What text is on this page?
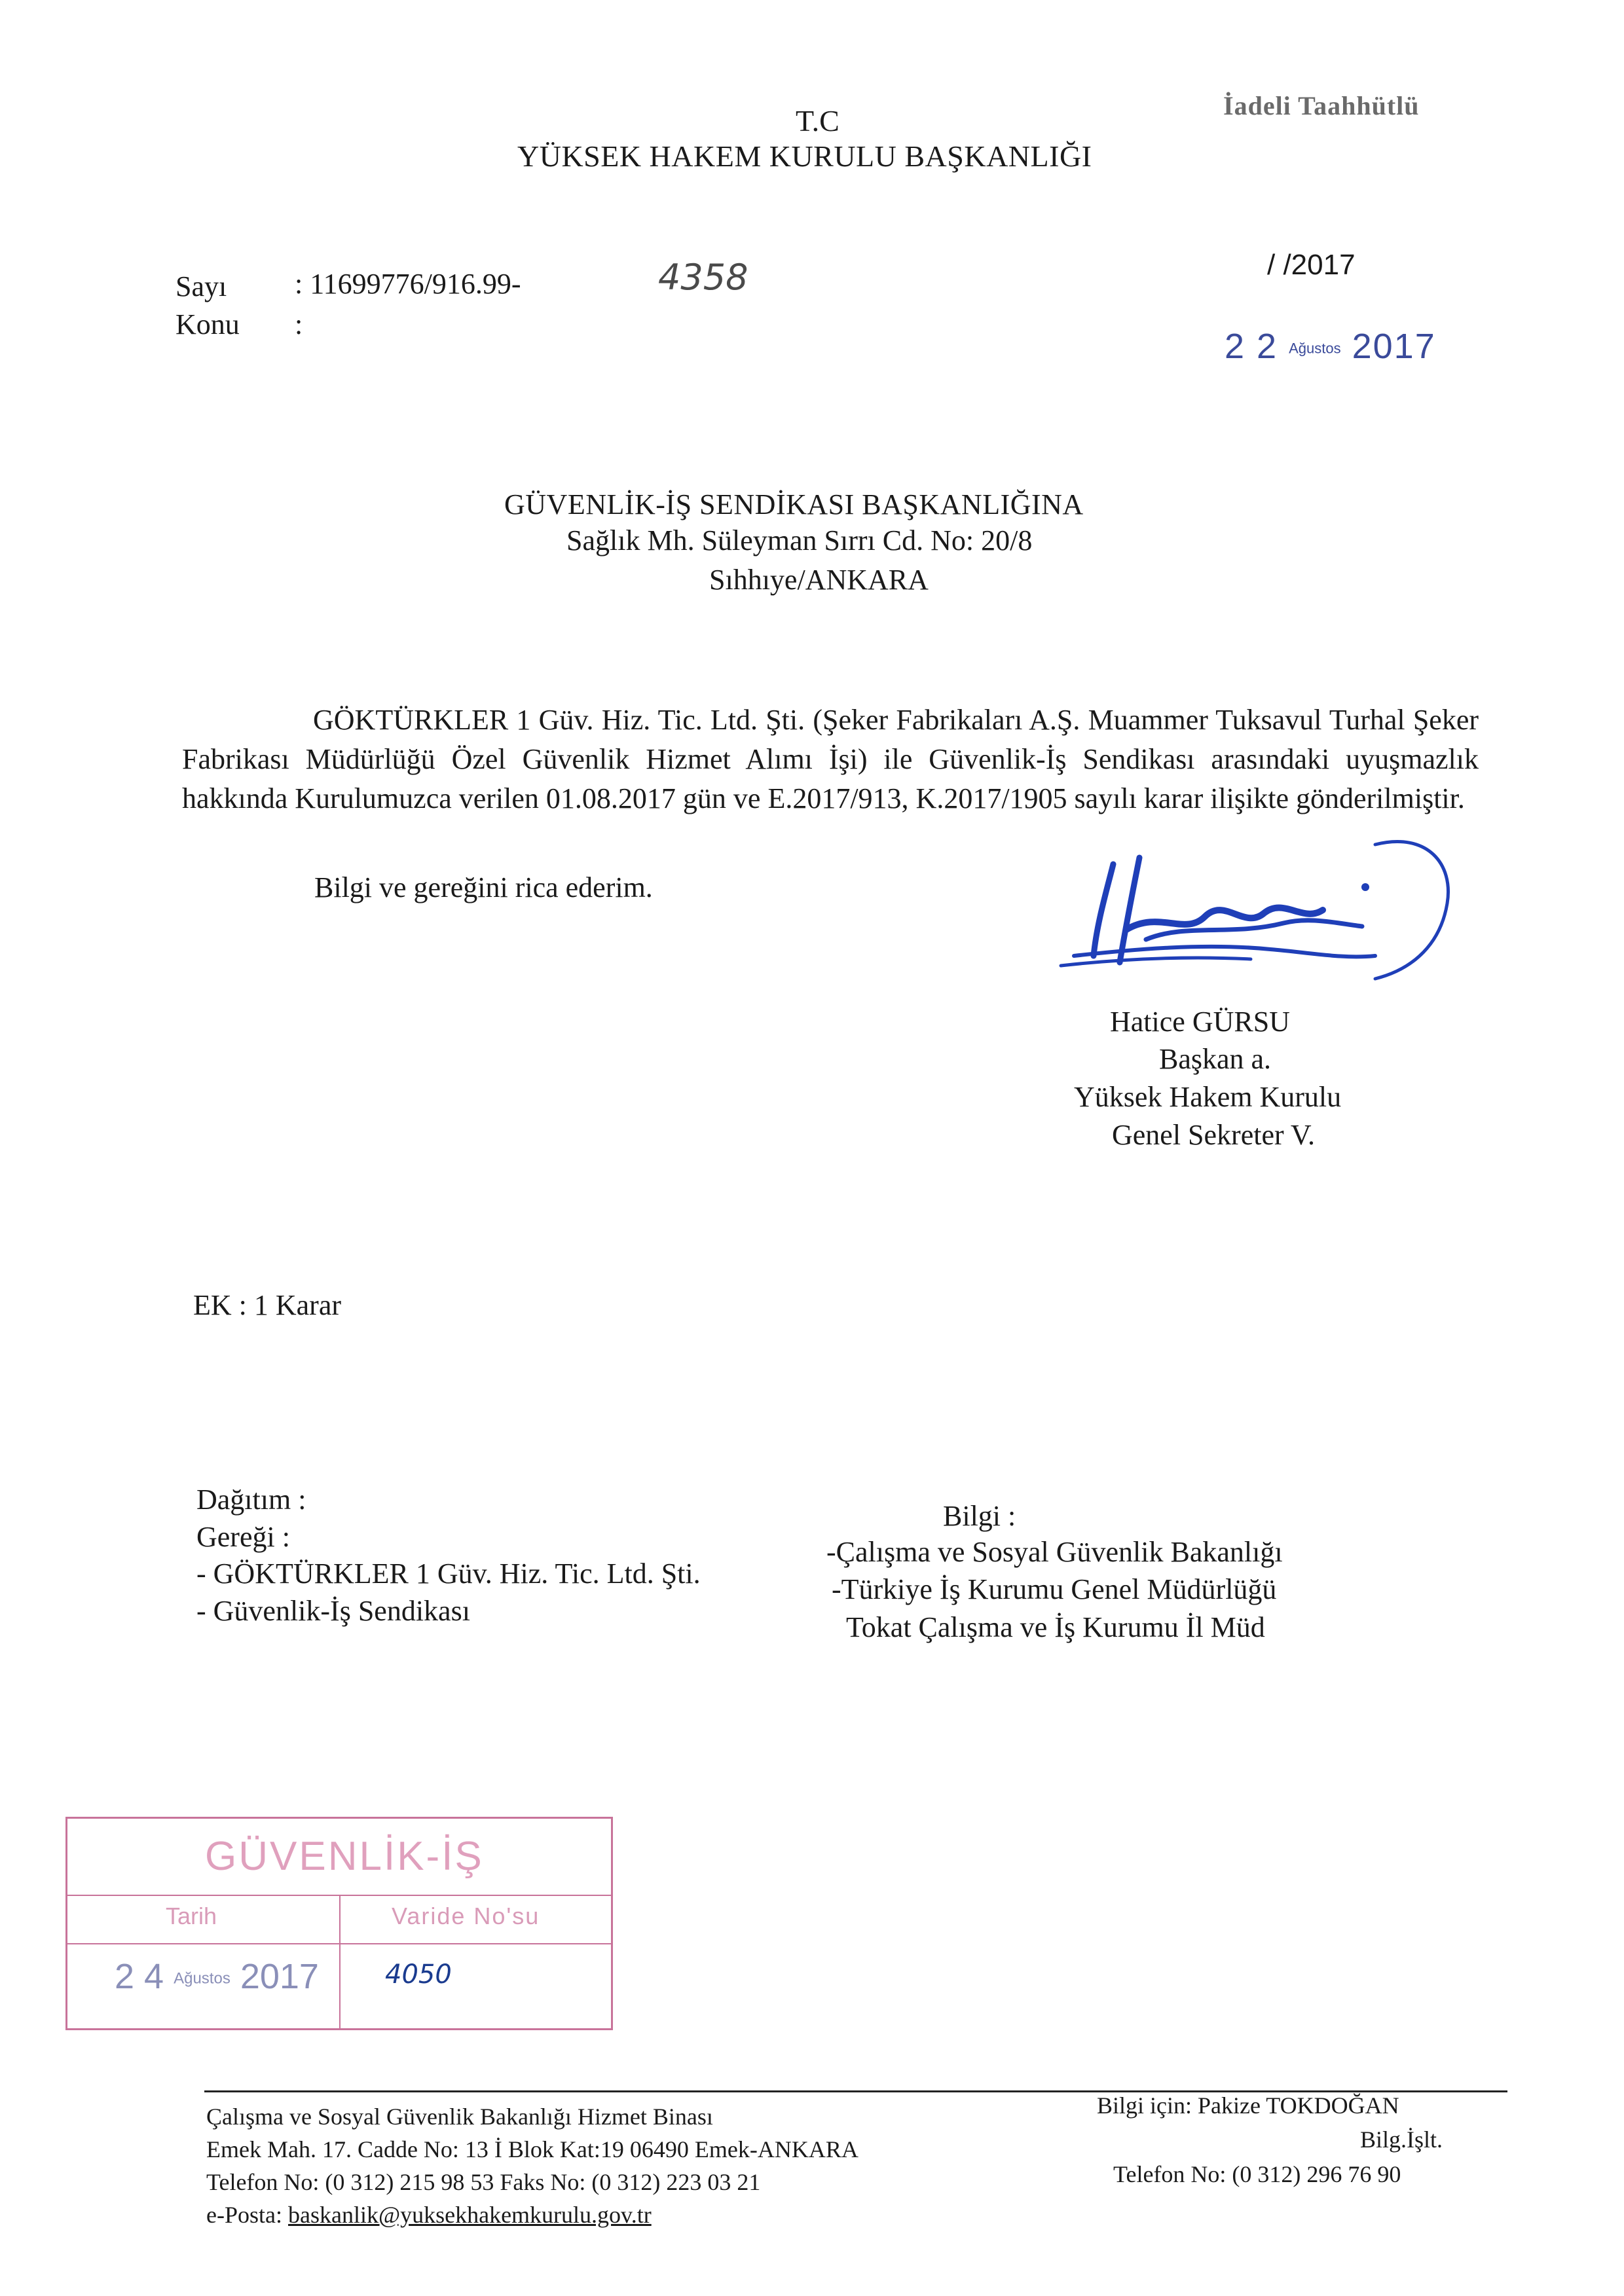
T.C
YÜKSEK HAKEM KURULU BAŞKANLIĞI
İadeli Taahhütlü
Sayı : 11699776/916.99-	4358
Konu :
/ /2017
2 2 Ağustos 2017
GÜVENLİK-İŞ SENDİKASI BAŞKANLIĞINA
Sağlık Mh. Süleyman Sırrı Cd. No: 20/8
Sıhhıye/ANKARA

GÖKTÜRKLER 1 Güv. Hiz. Tic. Ltd. Şti. (Şeker Fabrikaları A.Ş. Muammer Tuksavul Turhal Şeker Fabrikası Müdürlüğü Özel Güvenlik Hizmet Alımı İşi) ile Güvenlik-İş Sendikası arasındaki uyuşmazlık hakkında Kurulumuzca verilen 01.08.2017 gün ve E.2017/913, K.2017/1905 sayılı karar ilişikte gönderilmiştir.

Bilgi ve gereğini rica ederim.
Hatice GÜRSU
Başkan a.
Yüksek Hakem Kurulu
Genel Sekreter V.
EK : 1 Karar
Dağıtım :
Gereği :
- GÖKTÜRKLER 1 Güv. Hiz. Tic. Ltd. Şti.
- Güvenlik-İş Sendikası
Bilgi :
-Çalışma ve Sosyal Güvenlik Bakanlığı
-Türkiye İş Kurumu Genel Müdürlüğü
Tokat Çalışma ve İş Kurumu İl Müd
GÜVENLİK-İŞ
Tarih	Varide No'su
2 4 Ağustos 2017	4050
Çalışma ve Sosyal Güvenlik Bakanlığı Hizmet Binası
Emek Mah. 17. Cadde No: 13 İ Blok Kat:19 06490 Emek-ANKARA
Telefon No: (0 312) 215 98 53 Faks No: (0 312) 223 03 21
e-Posta: baskanlik@yuksekhakemkurulu.gov.tr
Bilgi için: Pakize TOKDOĞAN
Bilg.İşlt.
Telefon No: (0 312) 296 76 90
